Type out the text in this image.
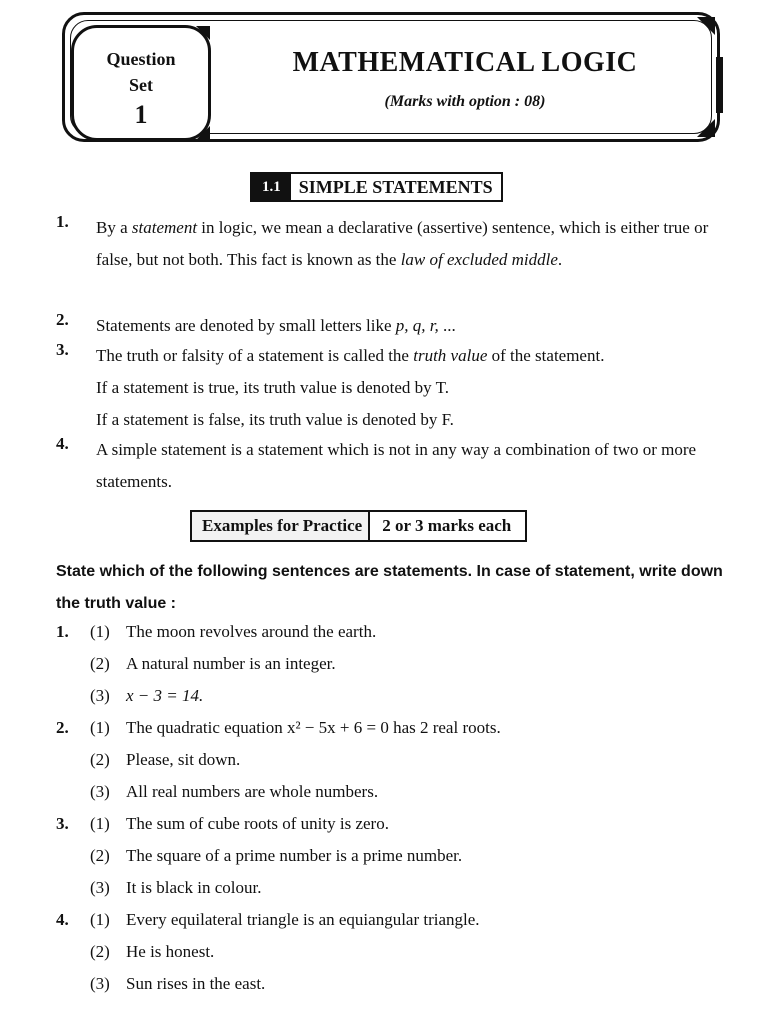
Question
Set
1
MATHEMATICAL LOGIC
(Marks with option : 08)
1.1	SIMPLE STATEMENTS
1.	By a statement in logic, we mean a declarative (assertive) sentence, which is either true or false, but not both. This fact is known as the law of excluded middle.

2.	Statements are denoted by small letters like p, q, r, ...

3.	The truth or falsity of a statement is called the truth value of the statement.

If a statement is true, its truth value is denoted by T.

If a statement is false, its truth value is denoted by F.

4.	A simple statement is a statement which is not in any way a combination of two or more statements.

Examples for Practice	2 or 3 marks each
State which of the following sentences are statements. In case of statement, write down the truth value :
1. (1) The moon revolves around the earth.
(2) A natural number is an integer.
(3) x − 3 = 14.
2. (1) The quadratic equation x² − 5x + 6 = 0 has 2 real roots.
(2) Please, sit down.
(3) All real numbers are whole numbers.
3. (1) The sum of cube roots of unity is zero.
(2) The square of a prime number is a prime number.
(3) It is black in colour.
4. (1) Every equilateral triangle is an equiangular triangle.
(2) He is honest.
(3) Sun rises in the east.
